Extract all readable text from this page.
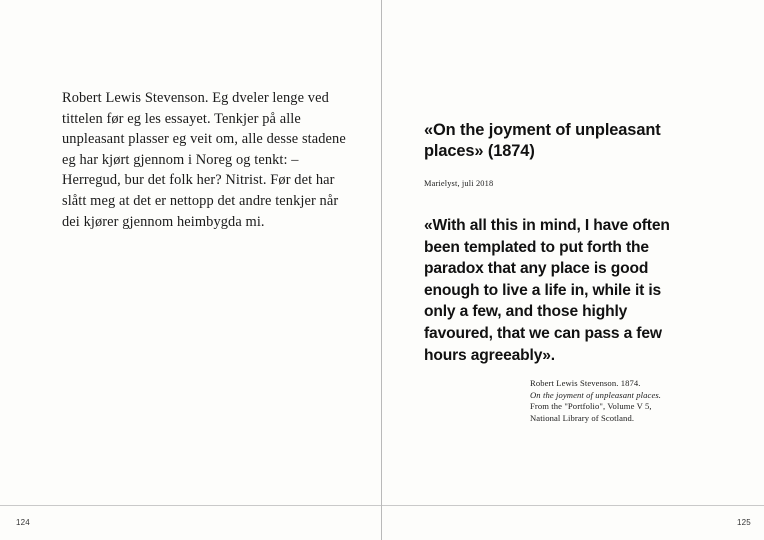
Robert Lewis Stevenson. Eg dveler lenge ved tittelen før eg les essayet. Tenkjer på alle unpleasant plasser eg veit om, alle desse stadene eg har kjørt gjennom i Noreg og tenkt: – Herregud, bur det folk her? Nitrist. Før det har slått meg at det er nettopp det andre tenkjer når dei kjører gjennom heimbygda mi.

124
«On the joyment of unpleasant places» (1874)

Marielyst, juli 2018

«With all this in mind, I have often been templated to put forth the paradox that any place is good enough to live a life in, while it is only a few, and those highly favoured, that we can pass a few hours agreeably».

Robert Lewis Stevenson. 1874.
On the joyment of unpleasant places.
From the "Portfolio", Volume V 5,
National Library of Scotland.
125
